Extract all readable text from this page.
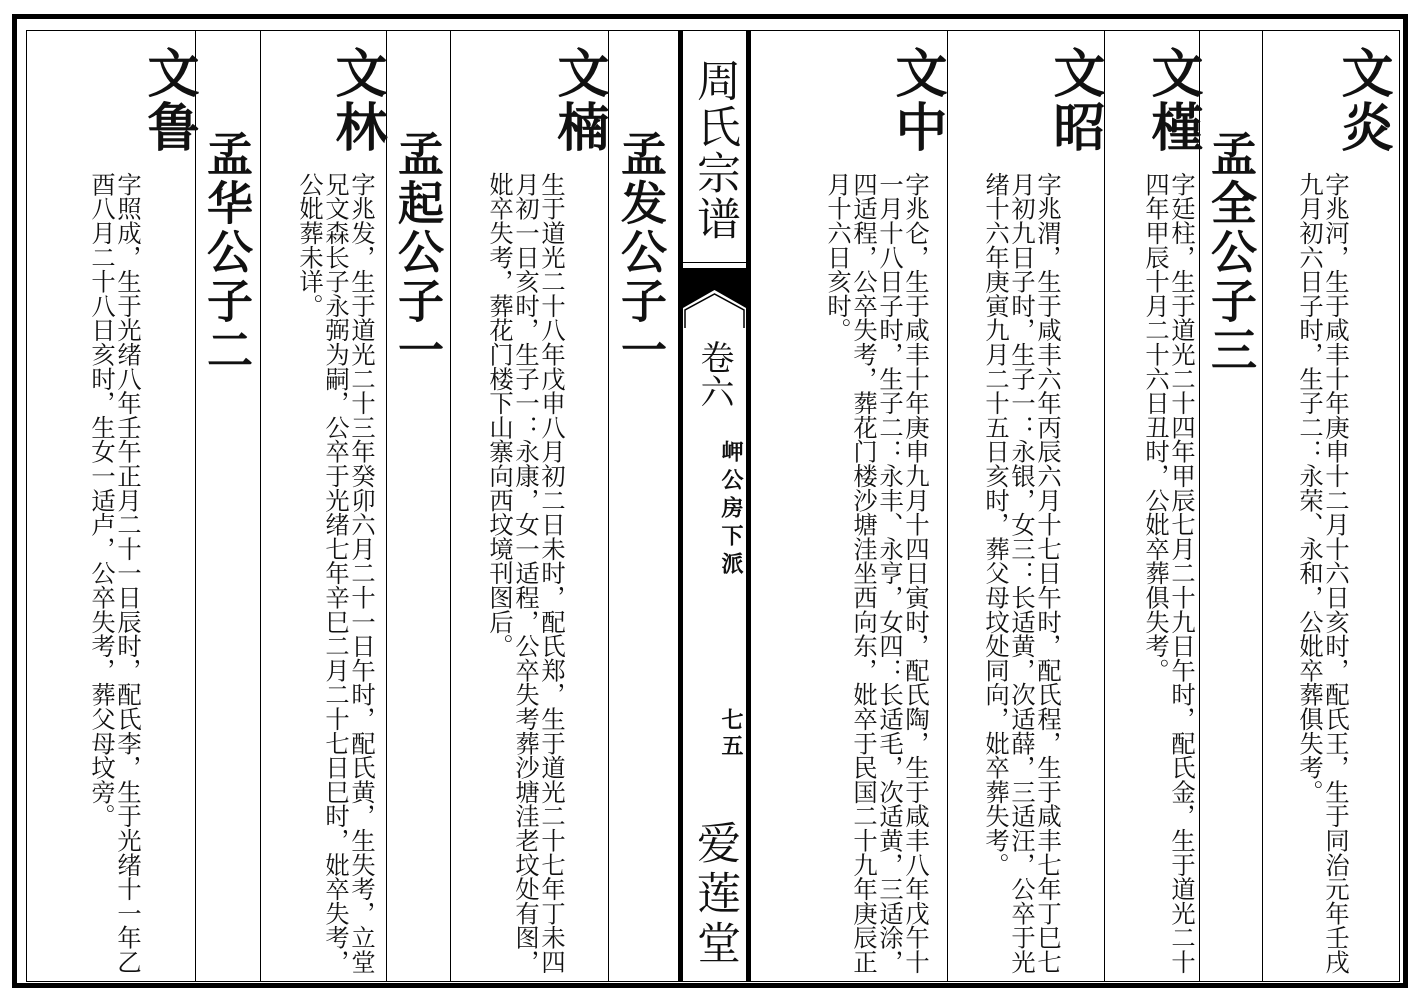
周氏宗谱
卷六
岬公房下派
七五
爱莲堂
文炎
字兆河，生于咸丰十年庚申十二月十六日亥时，配氏王，生于同治元年壬戌九月初六日子时，生子二：永荣、永和，公妣卒葬俱失考。
孟全公子三
文槿
字廷柱，生于道光二十四年甲辰七月二十九日午时，配氏金，生于道光二十四年甲辰十月二十六日丑时，公妣卒葬俱失考。
文昭
字兆渭，生于咸丰六年丙辰六月十七日午时，配氏程，生于咸丰七年丁巳七月初九日子时，生子一：永银，女三：长适黄，次适薛，三适汪，公卒于光绪十六年庚寅九月二十五日亥时，葬父母坟处同向，妣卒葬失考。
文中
字兆仑，生于咸丰十年庚申九月十四日寅时，配氏陶，生于咸丰八年戊午十一月十八日子时，生子二：永丰、永亨，女四：长适毛，次适黄，三适涂，四适程，公卒失考，葬花门楼沙塘洼坐西向东，妣卒于民国二十九年庚辰正月十六日亥时。
孟发公子一
文楠
生于道光二十八年戊申八月初二日未时，配氏郑，生于道光二十七年丁未四月初一日亥时，生子一：永康，女一适程，公卒失考葬沙塘洼老坟处有图，妣卒失考，葬花门楼下山寨向西坟境刊图后。
孟起公子一
文林
字兆发，生于道光二十三年癸卯六月二十一日午时，配氏黄，生失考，立堂兄文森长子永弼为嗣，公卒于光绪七年辛巳二月二十七日巳时，妣卒失考，公妣葬未详。
孟华公子二
文鲁
字照成，生于光绪八年壬午正月二十一日辰时，配氏李，生于光绪十一年乙酉八月二十八日亥时，生女一适卢，公卒失考，葬父母坟旁。
